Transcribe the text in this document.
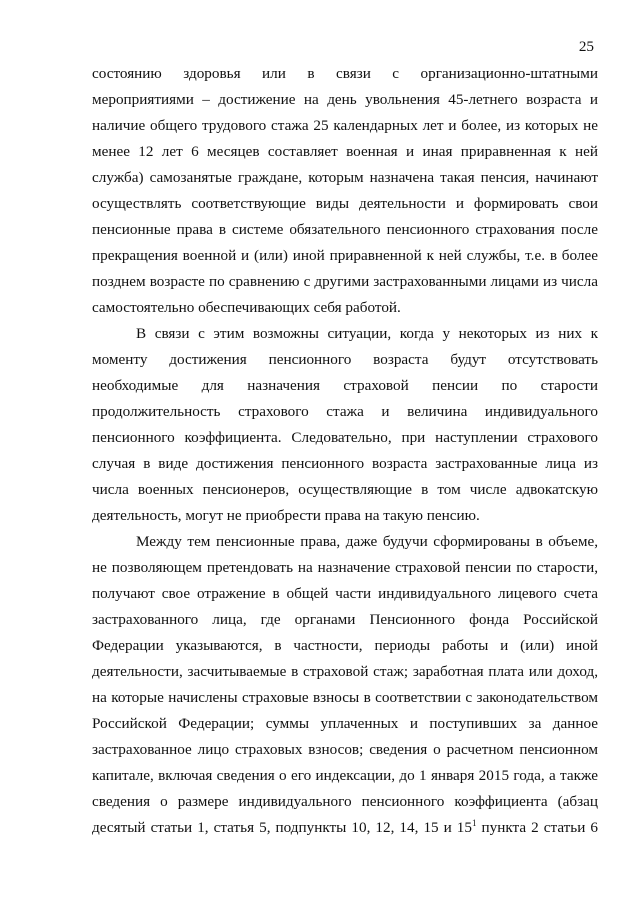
25
состоянию здоровья или в связи с организационно-штатными
мероприятиями – достижение на день увольнения 45-летнего возраста и
наличие общего трудового стажа 25 календарных лет и более, из которых не
менее 12 лет 6 месяцев составляет военная и иная приравненная к ней
служба) самозанятые граждане, которым назначена такая пенсия, начинают
осуществлять соответствующие виды деятельности и формировать свои
пенсионные права в системе обязательного пенсионного страхования после
прекращения военной и (или) иной приравненной к ней службы, т.е. в более
позднем возрасте по сравнению с другими застрахованными лицами из числа
самостоятельно обеспечивающих себя работой.
В связи с этим возможны ситуации, когда у некоторых из них к
моменту достижения пенсионного возраста будут отсутствовать
необходимые для назначения страховой пенсии по старости
продолжительность страхового стажа и величина индивидуального
пенсионного коэффициента. Следовательно, при наступлении страхового
случая в виде достижения пенсионного возраста застрахованные лица из
числа военных пенсионеров, осуществляющие в том числе адвокатскую
деятельность, могут не приобрести права на такую пенсию.
Между тем пенсионные права, даже будучи сформированы в объеме,
не позволяющем претендовать на назначение страховой пенсии по старости,
получают свое отражение в общей части индивидуального лицевого счета
застрахованного лица, где органами Пенсионного фонда Российской
Федерации указываются, в частности, периоды работы и (или) иной
деятельности, засчитываемые в страховой стаж; заработная плата или доход,
на которые начислены страховые взносы в соответствии с законодательством
Российской Федерации; суммы уплаченных и поступивших за данное
застрахованное лицо страховых взносов; сведения о расчетном пенсионном
капитале, включая сведения о его индексации, до 1 января 2015 года, а также
сведения о размере индивидуального пенсионного коэффициента (абзац
десятый статьи 1, статья 5, подпункты 10, 12, 14, 15 и $15^1$ пункта 2 статьи 6
